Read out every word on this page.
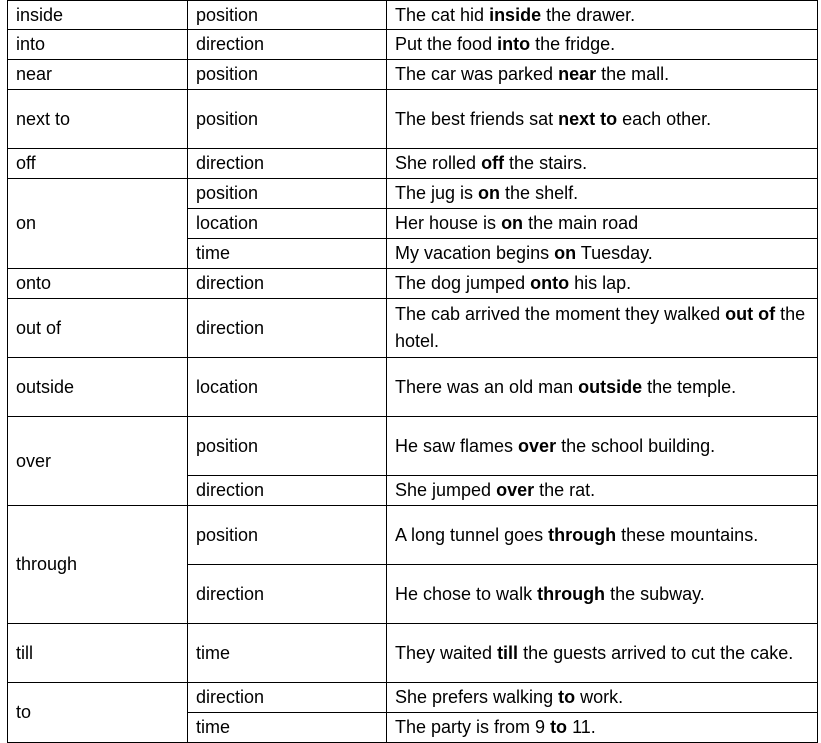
inside	position	The cat hid inside the drawer.
into	direction	Put the food into the fridge.
near	position	The car was parked near the mall.
next to	position	The best friends sat next to each other.
off	direction	She rolled off the stairs.
on	position	The jug is on the shelf.
	location	Her house is on the main road
	time	My vacation begins on Tuesday.
onto	direction	The dog jumped onto his lap.
out of	direction	The cab arrived the moment they walked out of the hotel.
outside	location	There was an old man outside the temple.
over	position	He saw flames over the school building.
	direction	She jumped over the rat.
through	position	A long tunnel goes through these mountains.
	direction	He chose to walk through the subway.
till	time	They waited till the guests arrived to cut the cake.
to	direction	She prefers walking to work.
	time	The party is from 9 to 11.
